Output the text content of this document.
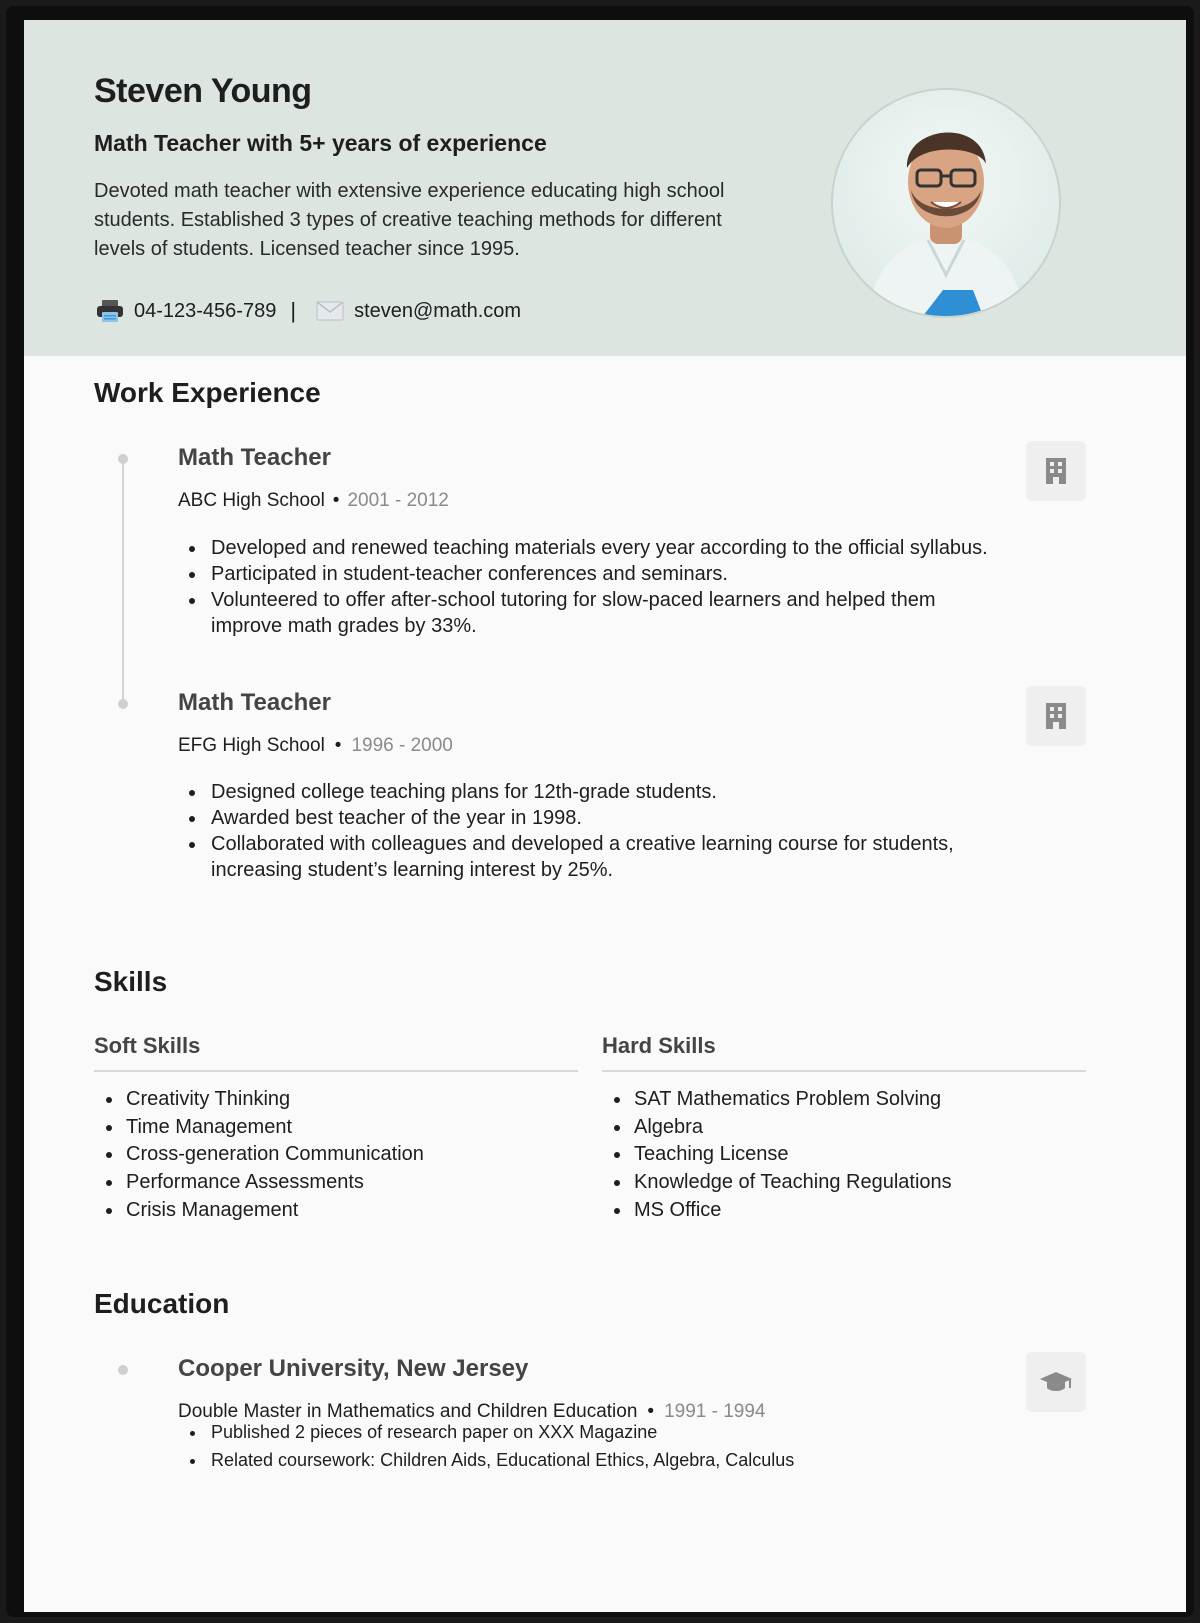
Steven Young
Math Teacher with 5+ years of experience
Devoted math teacher with extensive experience educating high school students. Established 3 types of creative teaching methods for different levels of students. Licensed teacher since 1995.
04-123-456-789 |	steven@math.com
Work Experience
Math Teacher
ABC High School • 2001 - 2012
• Developed and renewed teaching materials every year according to the official syllabus.
• Participated in student-teacher conferences and seminars.
• Volunteered to offer after-school tutoring for slow-paced learners and helped them improve math grades by 33%.
Math Teacher
EFG High School • 1996 - 2000
• Designed college teaching plans for 12th-grade students.
• Awarded best teacher of the year in 1998.
• Collaborated with colleagues and developed a creative learning course for students, increasing student’s learning interest by 25%.
Skills
Soft Skills
• Creativity Thinking
• Time Management
• Cross-generation Communication
• Performance Assessments
• Crisis Management
Hard Skills
• SAT Mathematics Problem Solving
• Algebra
• Teaching License
• Knowledge of Teaching Regulations
• MS Office
Education
Cooper University, New Jersey
Double Master in Mathematics and Children Education • 1991 - 1994
• Published 2 pieces of research paper on XXX Magazine
• Related coursework: Children Aids, Educational Ethics, Algebra, Calculus
